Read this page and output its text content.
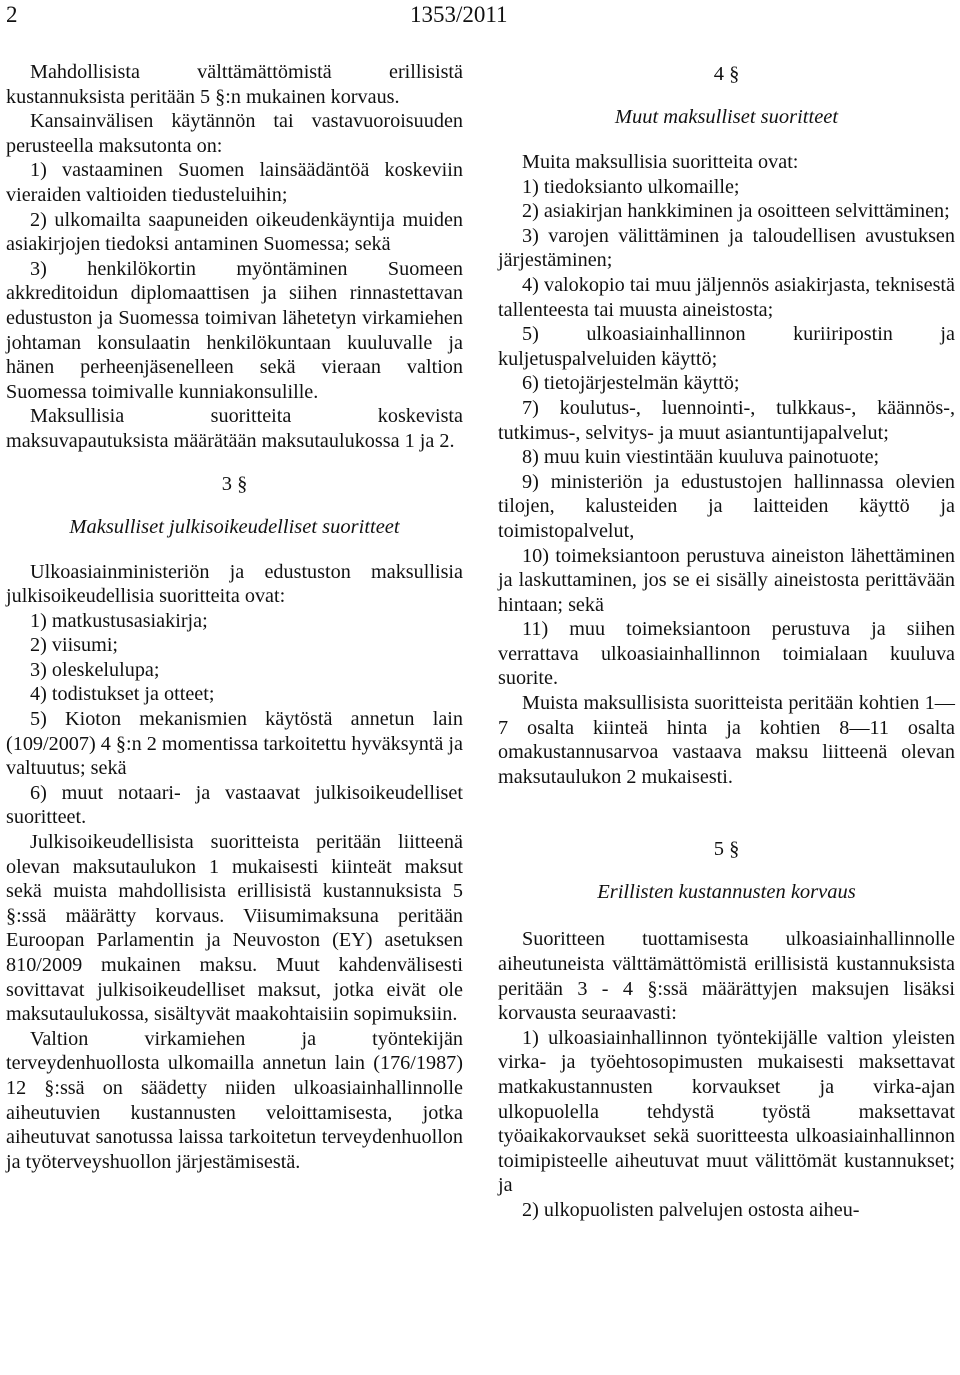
2	1353/2011

Mahdollisista välttämättömistä erillisistä kustannuksista peritään 5 §:n mukainen korvaus.

Kansainvälisen käytännön tai vastavuoroisuuden perusteella maksutonta on:

1) vastaaminen Suomen lainsäädäntöä koskeviin vieraiden valtioiden tiedusteluihin;

2) ulkomailta saapuneiden oikeudenkäyntija muiden asiakirjojen tiedoksi antaminen Suomessa; sekä

3) henkilökortin myöntäminen Suomeen akkreditoidun diplomaattisen ja siihen rinnastettavan edustuston ja Suomessa toimivan lähetetyn virkamiehen johtaman konsulaatin henkilökuntaan kuuluvalle ja hänen perheenjäsenelleen sekä vieraan valtion Suomessa toimivalle kunniakonsulille.

Maksullisia suoritteita koskevista maksuvapautuksista määrätään maksutaulukossa 1 ja 2.

3 §
Maksulliset julkisoikeudelliset suoritteet

Ulkoasiainministeriön ja edustuston maksullisia julkisoikeudellisia suoritteita ovat:

1) matkustusasiakirja;

2) viisumi;

3) oleskelulupa;

4) todistukset ja otteet;

5) Kioton mekanismien käytöstä annetun lain (109/2007) 4 §:n 2 momentissa tarkoitettu hyväksyntä ja valtuutus; sekä

6) muut notaari- ja vastaavat julkisoikeudelliset suoritteet.

Julkisoikeudellisista suoritteista peritään liitteenä olevan maksutaulukon 1 mukaisesti kiinteät maksut sekä muista mahdollisista erillisistä kustannuksista 5 §:ssä määrätty korvaus. Viisumimaksuna peritään Euroopan Parlamentin ja Neuvoston (EY) asetuksen 810/2009 mukainen maksu. Muut kahdenvälisesti sovittavat julkisoikeudelliset maksut, jotka eivät ole maksutaulukossa, sisältyvät maakohtaisiin sopimuksiin.

Valtion virkamiehen ja työntekijän terveydenhuollosta ulkomailla annetun lain (176/1987) 12 §:ssä on säädetty niiden ulkoasiainhallinnolle aiheutuvien kustannusten veloittamisesta, jotka aiheutuvat sanotussa laissa tarkoitetun terveydenhuollon ja työterveyshuollon järjestämisestä.

4 §
Muut maksulliset suoritteet

Muita maksullisia suoritteita ovat:

1) tiedoksianto ulkomaille;

2) asiakirjan hankkiminen ja osoitteen selvittäminen;

3) varojen välittäminen ja taloudellisen avustuksen järjestäminen;

4) valokopio tai muu jäljennös asiakirjasta, teknisestä tallenteesta tai muusta aineistosta;

5) ulkoasiainhallinnon kuriiripostin ja kuljetuspalveluiden käyttö;

6) tietojärjestelmän käyttö;

7) koulutus-, luennointi-, tulkkaus-, käännös-, tutkimus-, selvitys- ja muut asiantuntijapalvelut;

8) muu kuin viestintään kuuluva painotuote;

9) ministeriön ja edustustojen hallinnassa olevien tilojen, kalusteiden ja laitteiden käyttö ja toimistopalvelut,

10) toimeksiantoon perustuva aineiston lähettäminen ja laskuttaminen, jos se ei sisälly aineistosta perittävään hintaan; sekä

11) muu toimeksiantoon perustuva ja siihen verrattava ulkoasiainhallinnon toimialaan kuuluva suorite.

Muista maksullisista suoritteista peritään kohtien 1—7 osalta kiinteä hinta ja kohtien 8—11 osalta omakustannusarvoa vastaava maksu liitteenä olevan maksutaulukon 2 mukaisesti.

5 §
Erillisten kustannusten korvaus

Suoritteen tuottamisesta ulkoasiainhallinnolle aiheutuneista välttämättömistä erillisistä kustannuksista peritään 3 - 4 §:ssä määrättyjen maksujen lisäksi korvausta seuraavasti:

1) ulkoasiainhallinnon työntekijälle valtion yleisten virka- ja työehtosopimusten mukaisesti maksettavat matkakustannusten korvaukset ja virka-ajan ulkopuolella tehdystä työstä maksettavat työaikakorvaukset sekä suoritteesta ulkoasiainhallinnon toimipisteelle aiheutuvat muut välittömät kustannukset; ja

2) ulkopuolisten palvelujen ostosta aiheu-
